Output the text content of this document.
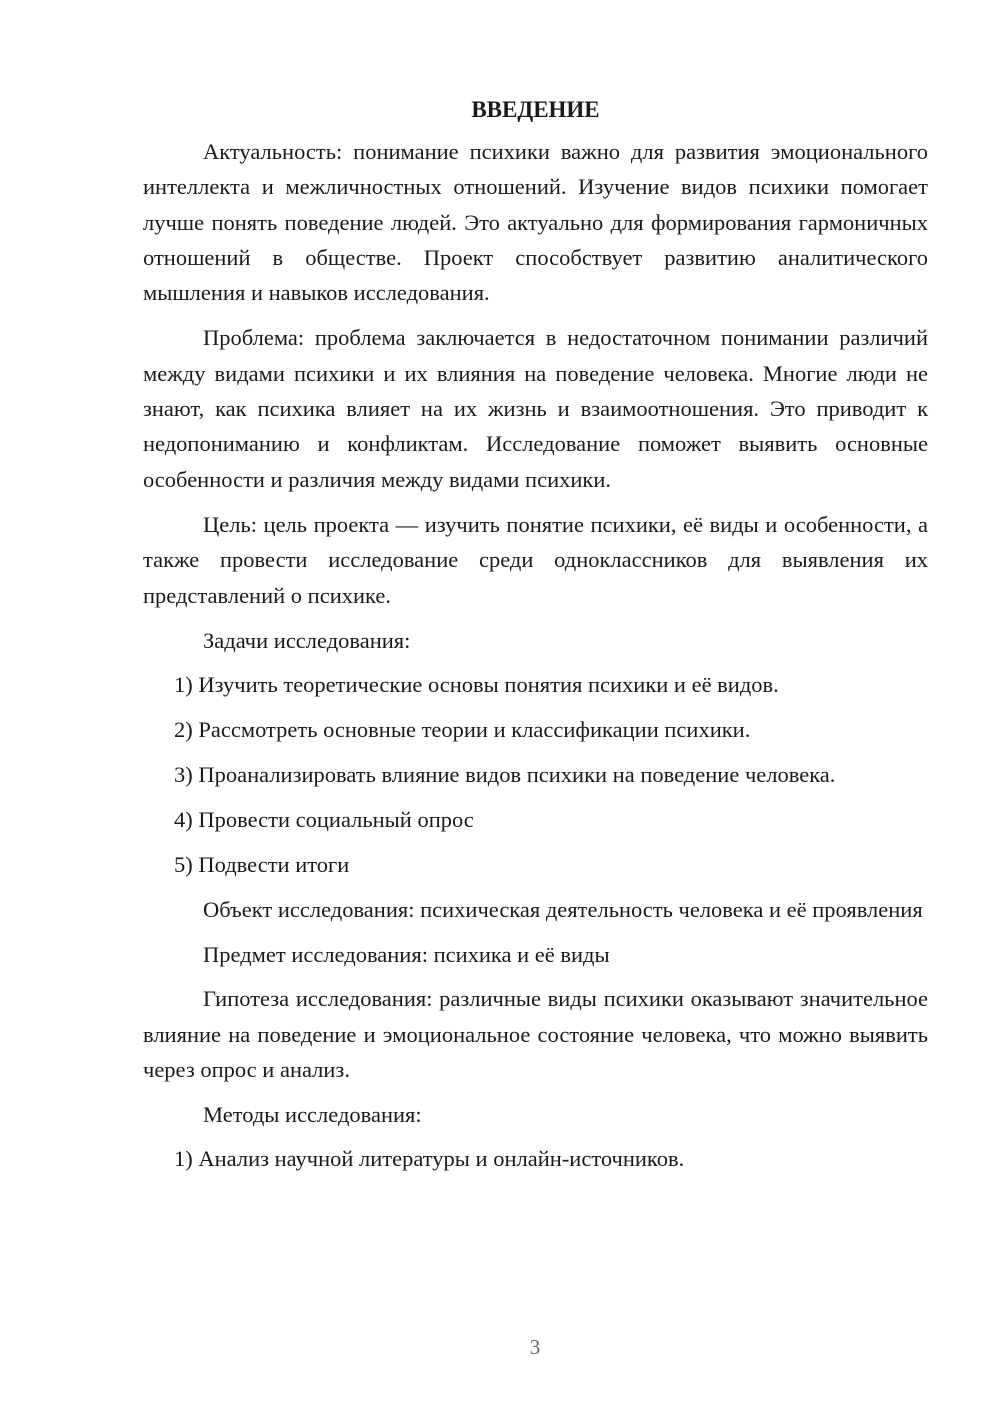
ВВЕДЕНИЕ

Актуальность: понимание психики важно для развития эмоционального интеллекта и межличностных отношений. Изучение видов психики помогает лучше понять поведение людей. Это актуально для формирования гармоничных отношений в обществе. Проект способствует развитию аналитического мышления и навыков исследования.

Проблема: проблема заключается в недостаточном понимании различий между видами психики и их влияния на поведение человека. Многие люди не знают, как психика влияет на их жизнь и взаимоотношения. Это приводит к недопониманию и конфликтам. Исследование поможет выявить основные особенности и различия между видами психики.

Цель: цель проекта — изучить понятие психики, её виды и особенности, а также провести исследование среди одноклассников для выявления их представлений о психике.

Задачи исследования:

1) Изучить теоретические основы понятия психики и её видов.
2) Рассмотреть основные теории и классификации психики.
3) Проанализировать влияние видов психики на поведение человека.
4) Провести социальный опрос
5) Подвести итоги

Объект исследования: психическая деятельность человека и её проявления

Предмет исследования: психика и её виды

Гипотеза исследования: различные виды психики оказывают значительное влияние на поведение и эмоциональное состояние человека, что можно выявить через опрос и анализ.

Методы исследования:

1) Анализ научной литературы и онлайн-источников.
3
